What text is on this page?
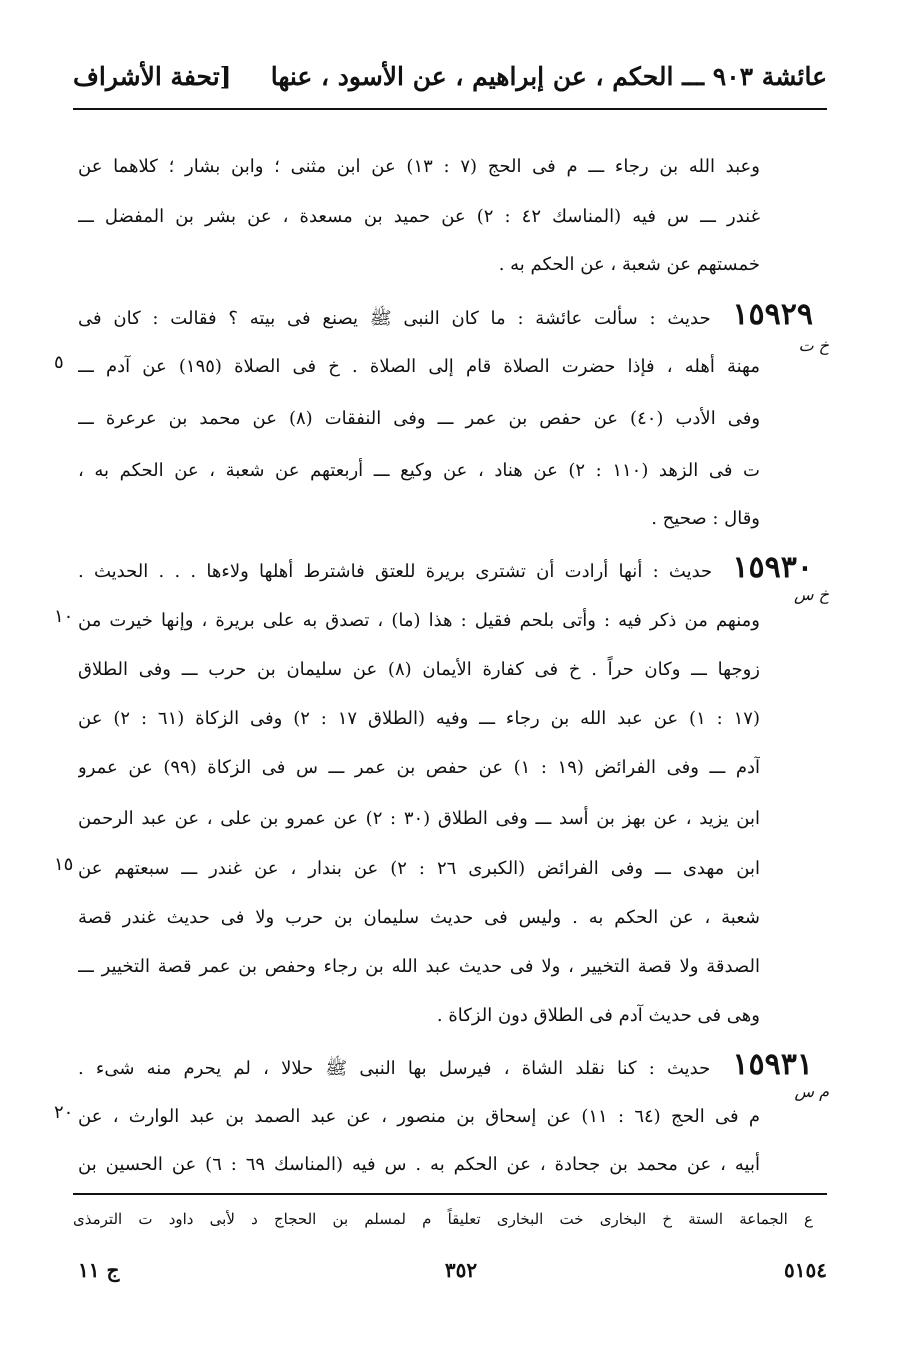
عائشة ٩٠٣ ـــ الحكم ، عن إبراهيم ، عن الأسود ، عنها
[تحفة الأشراف
وعبد الله بن رجاء ـــ م فى الحج (٧ : ١٣) عن ابن مثنى ؛ وابن بشار ؛ كلاهما عن
غندر ـــ س فيه (المناسك ٤٢ : ٢) عن حميد بن مسعدة ، عن بشر بن المفضل ـــ
خمستهم عن شعبة ، عن الحكم به .
١٥٩٢٩ حديث : سألت عائشة : ما كان النبى ﷺ يصنع فى بيته ؟ فقالت : كان فى
خ ت
مهنة أهله ، فإذا حضرت الصلاة قام إلى الصلاة . خ فى الصلاة (١٩٥) عن آدم ـــ
٥
وفى الأدب (٤٠) عن حفص بن عمر ـــ وفى النفقات (٨) عن محمد بن عرعرة ـــ
ت فى الزهد (١١٠ : ٢) عن هناد ، عن وكيع ـــ أربعتهم عن شعبة ، عن الحكم به ،
وقال : صحيح .
١٥٩٣٠ حديث : أنها أرادت أن تشترى بريرة للعتق فاشترط أهلها ولاءها . . . الحديث .
خ س
ومنهم من ذكر فيه : وأتى بلحم فقيل : هذا (ما) ، تصدق به على بريرة ، وإنها خيرت من
١٠
زوجها ـــ وكان حراً . خ فى كفارة الأيمان (٨) عن سليمان بن حرب ـــ وفى الطلاق
(١٧ : ١) عن عبد الله بن رجاء ـــ وفيه (الطلاق ١٧ : ٢) وفى الزكاة (٦١ : ٢) عن
آدم ـــ وفى الفرائض (١٩ : ١) عن حفص بن عمر ـــ س فى الزكاة (٩٩) عن عمرو
ابن يزيد ، عن بهز بن أسد ـــ وفى الطلاق (٣٠ : ٢) عن عمرو بن على ، عن عبد الرحمن
ابن مهدى ـــ وفى الفرائض (الكبرى ٢٦ : ٢) عن بندار ، عن غندر ـــ سبعتهم عن
١٥
شعبة ، عن الحكم به . وليس فى حديث سليمان بن حرب ولا فى حديث غندر قصة
الصدقة ولا قصة التخيير ، ولا فى حديث عبد الله بن رجاء وحفص بن عمر قصة التخيير ـــ
وهى فى حديث آدم فى الطلاق دون الزكاة .
١٥٩٣١ حديث : كنا نقلد الشاة ، فيرسل بها النبى ﷺ حلالا ، لم يحرم منه شىء .
م س
م فى الحج (٦٤ : ١١) عن إسحاق بن منصور ، عن عبد الصمد بن عبد الوارث ، عن
٢٠
أبيه ، عن محمد بن جحادة ، عن الحكم به . س فيه (المناسك ٦٩ : ٦) عن الحسين بن
ع الجماعة الستة خ البخارى خت البخارى تعليقاً م لمسلم بن الحجاج د لأبى داود ت الترمذى
٥١٥٤
٣٥٢
ج ١١
